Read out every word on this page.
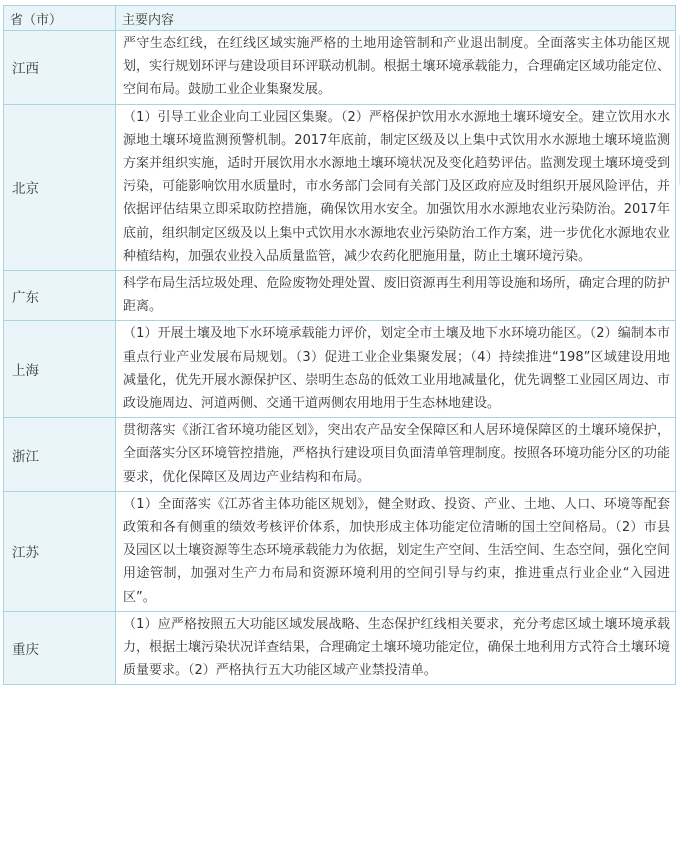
省（市）	主要内容
江西	严守生态红线，在红线区域实施严格的土地用途管制和产业退出制度。全面落实主体功能区规划，实行规划环评与建设项目环评联动机制。根据土壤环境承载能力，合理确定区域功能定位、空间布局。鼓励工业企业集聚发展。
北京	（1）引导工业企业向工业园区集聚。（2）严格保护饮用水水源地土壤环境安全。建立饮用水水源地土壤环境监测预警机制。2017年底前，制定区级及以上集中式饮用水水源地土壤环境监测方案并组织实施，适时开展饮用水水源地土壤环境状况及变化趋势评估。监测发现土壤环境受到污染，可能影响饮用水质量时，市水务部门会同有关部门及区政府应及时组织开展风险评估，并依据评估结果立即采取防控措施，确保饮用水安全。加强饮用水水源地农业污染防治。2017年底前，组织制定区级及以上集中式饮用水水源地农业污染防治工作方案，进一步优化水源地农业种植结构，加强农业投入品质量监管，减少农药化肥施用量，防止土壤环境污染。
广东	科学布局生活垃圾处理、危险废物处理处置、废旧资源再生利用等设施和场所，确定合理的防护距离。
上海	（1）开展土壤及地下水环境承载能力评价，划定全市土壤及地下水环境功能区。（2）编制本市重点行业产业发展布局规划。（3）促进工业企业集聚发展；（4）持续推进“198”区域建设用地减量化，优先开展水源保护区、崇明生态岛的低效工业用地减量化，优先调整工业园区周边、市政设施周边、河道两侧、交通干道两侧农用地用于生态林地建设。
浙江	贯彻落实《浙江省环境功能区划》，突出农产品安全保障区和人居环境保障区的土壤环境保护，全面落实分区环境管控措施，严格执行建设项目负面清单管理制度。按照各环境功能分区的功能要求，优化保障区及周边产业结构和布局。
江苏	（1）全面落实《江苏省主体功能区规划》，健全财政、投资、产业、土地、人口、环境等配套政策和各有侧重的绩效考核评价体系，加快形成主体功能定位清晰的国土空间格局。（2）市县及园区以土壤资源等生态环境承载能力为依据，划定生产空间、生活空间、生态空间，强化空间用途管制，加强对生产力布局和资源环境利用的空间引导与约束，推进重点行业企业“入园进区”。
重庆	（1）应严格按照五大功能区域发展战略、生态保护红线相关要求，充分考虑区域土壤环境承载力，根据土壤污染状况详查结果，合理确定土壤环境功能定位，确保土地利用方式符合土壤环境质量要求。（2）严格执行五大功能区域产业禁投清单。
